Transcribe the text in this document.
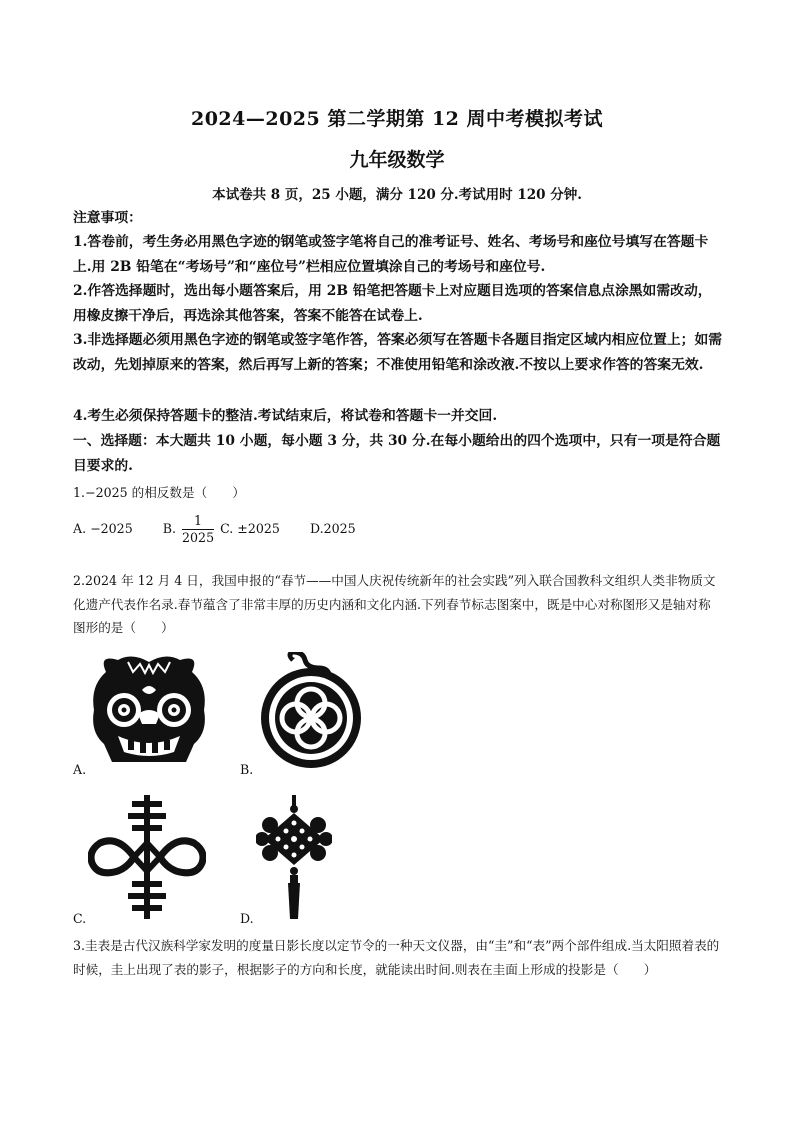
2024—2025 第二学期第 12 周中考模拟考试
九年级数学
本试卷共 8 页，25 小题，满分 120 分.考试用时 120 分钟.
注意事项：
1.答卷前，考生务必用黑色字迹的钢笔或签字笔将自己的准考证号、姓名、考场号和座位号填写在答题卡上.用 2B 铅笔在“考场号”和“座位号”栏相应位置填涂自己的考场号和座位号.
2.作答选择题时，选出每小题答案后，用 2B 铅笔把答题卡上对应题目选项的答案信息点涂黑如需改动，用橡皮擦干净后，再选涂其他答案，答案不能答在试卷上.
3.非选择题必须用黑色字迹的钢笔或签字笔作答，答案必须写在答题卡各题目指定区域内相应位置上；如需改动，先划掉原来的答案，然后再写上新的答案；不准使用铅笔和涂改液.不按以上要求作答的答案无效.
4.考生必须保持答题卡的整洁.考试结束后，将试卷和答题卡一并交回.
一、选择题：本大题共 10 小题，每小题 3 分，共 30 分.在每小题给出的四个选项中，只有一项是符合题目要求的.
1.−2025 的相反数是（　　）
A. −2025 B. $\frac{1}{2025} C$. ±2025 D.2025
2.2024 年 12 月 4 日，我国申报的“春节——中国人庆祝传统新年的社会实践”列入联合国教科文组织人类非物质文化遗产代表作名录.春节蕴含了非常丰厚的历史内涵和文化内涵.下列春节标志图案中，既是中心对称图形又是轴对称图形的是（　　）
A.	B.
C.	D.
3.圭表是古代汉族科学家发明的度量日影长度以定节令的一种天文仪器，由“圭”和“表”两个部件组成.当太阳照着表的时候，圭上出现了表的影子，根据影子的方向和长度，就能读出时间.则表在圭面上形成的投影是（　　）
